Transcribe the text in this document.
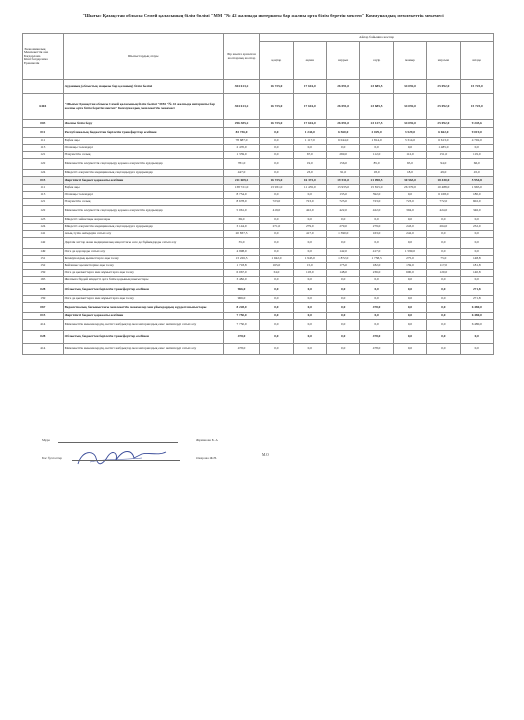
"Шығыс Қазақстан облысы Семей қаласының білім бөлімі "ММ "№ 42 жалпыда интернаты бар жалпы орта білім беретін мектеп" Коммуналдық мемлекеттік мекемесі
Экономикалық
Мемлекеттік ана
Багдарлама
Кіші багдарлама
Ерекшелік	Шығыстардың атауы	Бір жылға арналған жоспарлық жоспар	Айлар бойынша жоспар						
			қаңтар	ақпан	наурыз	сәуір	мамыр	маусым	шілде
	Ауданның (облыстық маңызы бар қаланың) білім бөлімі	304 613,2	16 725,0	17 616,0	26 091,0	23 685,5	34 092,0	25 092,0	15 725,0
6404	"Шығыс Қазақстан облысы Семей қаласының білім бөлімі "ММ "№ 42 жалпыда интернаты бар жалпы орта білім беретін мектеп" Коммуналдық мемлекеттік мекемесі	304 613,2	16 725,0	17 616,0	26 091,0	23 685,5	34 092,0	25 092,0	15 725,0
003	Жалпы білім беру	296 385,2	16 725,0	17 616,0	26 091,0	23 127,5	34 092,0	25 092,0	9 245,6
011	Республикалық бюджеттен берілетін трансферттер есебінен	83 736,0	0,0	1 244,0	6 560,0	2 029,0	3 529,0	6 662,0	9 019,0
111	Еңбек ақы	78 687,0	0,0	1 117,0	6 044,0	1 814,0	3 314,0	6 613,0	4 792,0
113	Өтемақы төлемдері	2 470,0	0,0	0,0	0,0	0,0	0,0	1 485,0	0,0
121	Әлеуметтік салық	1 339,0	0,0	67,0	269,0	112,0	112,0	151,0	119,0
122	Мемлекеттік әлеуметтік сақтандыру қорына әлеуметтік аударымдар	781,0	0,0	19,0	156,0	85,0	65,0	94,0	66,0
124	Міндетті әлеуметтік медициналық сақтандыруға аударымдар	447,0	0,0	23,0	91,0	18,0	18,0	49,0	45,0
015	Жергілікті бюджет қаражаты есебінен	211 609,2	16 725,0	16 372,0	19 531,0	21 098,5	30 563,0	18 430,0	5 954,8
111	Еңбек ақы	138 721,0	13 931,0	11 435,0	13 935,0	15 815,0	26 370,0	10 488,0	1 965,0
113	Өтемақы төлемдері	8 754,0	0,0	0,0	135,0	592,0	0,0	6 168,0	180,0
121	Әлеуметтік салық	8 678,0	723,0	723,0	723,0	723,0	723,0	772,0	602,0
122	Мемлекеттік әлеуметтік сақтандыру қорына әлеуметтік аударымдар	5 061,0	419,0	422,0	422,0	422,0	394,0	424,0	346,0
123	Міндетті зейнетақы жарналары	69,0	0,0	0,0	0,0	0,0	0,0	0,0	0,0
124	Міндетті әлеуметтік медициналық сақтандыруға аударымдар	3 144,0	271,0	279,0	279,0	279,0	243,0	264,0	232,0
141	Азық-түлік өнімдерін сатып алу	20 837,5	0,0	417,0	1 390,0	163,0	242,0	0,0	0,0
142	Дәрілік заттар және медициналық мақсаттағы өзге де бұйымдарды сатып алу	35,0	0,0	0,0	0,0	0,0	0,0	0,0	0,0
149	Өзге де қорларды сатып алу	4 998,0	0,0	0,0	142,0	417,0	1 599,0	0,0	0,0
151	Коммуналдық қызметтерге ақы төлеу	13 226,5	1 042,0	1 945,0	1 872,0	1 758,5	275,0	75,0	148,8
152	Байланыс қызметтеріне ақы төлеу	1 718,8	165,0	15,0	175,0	182,0	159,0	117,0	181,8
159	Өзге де қызметтерге мен жұмыстарға ақы төлеу	6 067,0	34,0	118,0	148,0	236,0	600,0	120,0	140,8
165	Жалпыға бірдей міндетті орта білім қорының шығыстары	3 482,0	0,0	0,0	0,0	0,0	0,0	0,0	0,0
028	Облыстық бюджеттен берілетін трансферттер есебінен	966,0	0,0	0,0	0,0	0,0	0,0	0,0	271,8
159	Өзге де қызметтерге мен жұмыстарға ақы төлеу	966,0	0,0	0,0	0,0	0,0	0,0	0,0	271,8
067	Ведомстволық бағыныстағы мемлекеттік мекемелер мен ұйымдардың күрделі шығыстары	8 228,0	0,0	0,0	0,0	478,0	0,0	0,0	6 480,0
015	Жергілікті бюджет қаражаты есебінен	7 750,0	0,0	0,0	0,0	0,0	0,0	0,0	6 480,0
414	Мемлекеттік мекемелердің, негізгі жабдықтар мен материалдық емес активтерді сатып алу	7 750,0	0,0	0,0	0,0	0,0	0,0	0,0	6 480,0
028	Облыстық бюджеттен берілетін трансферттер есебінен	478,0	0,0	0,0	0,0	478,0	0,0	0,0	0,0
414	Мемлекеттік мекемелердің, негізгі жабдықтар мен материалдық емес активтерді сатып алу	478,0	0,0	0,0	0,0	478,0	0,0	0,0	0,0
Мұра	Жұманова Б. А
М.О
Бас бухгалтер	Ожарова Ж.Н.
